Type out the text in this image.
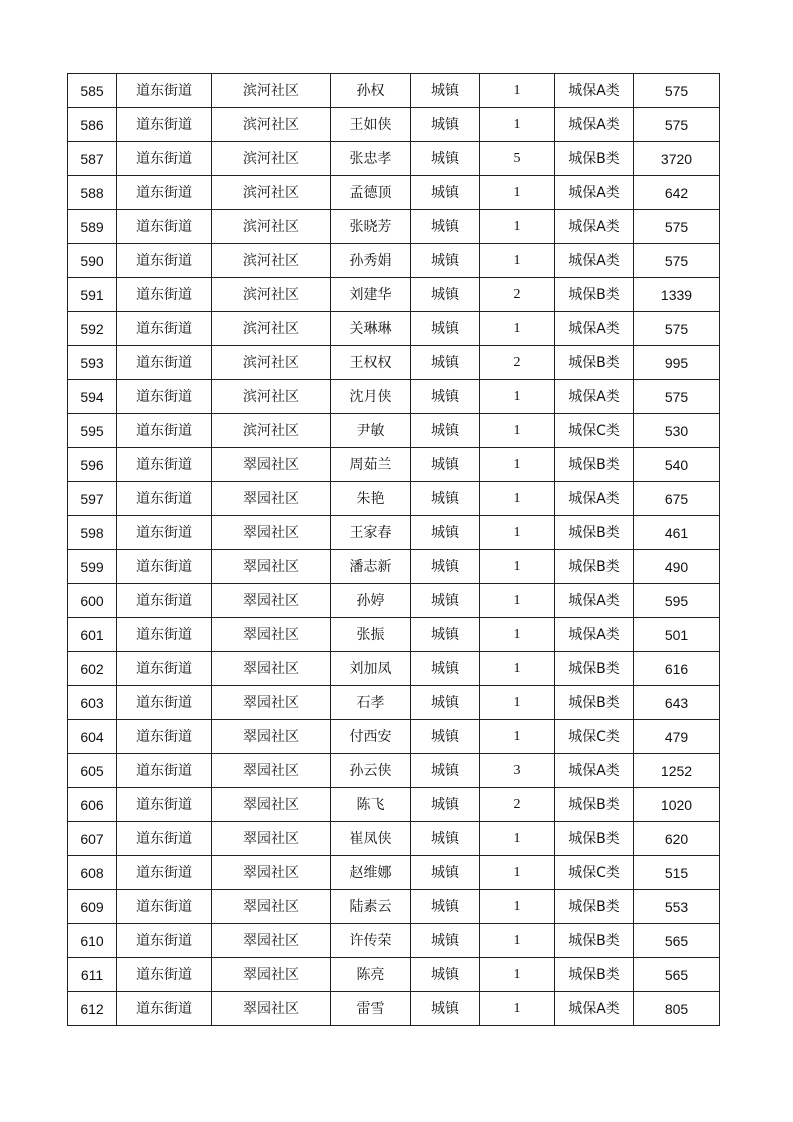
585	道东街道	滨河社区	孙权	城镇	1	城保A类	575
586	道东街道	滨河社区	王如侠	城镇	1	城保A类	575
587	道东街道	滨河社区	张忠孝	城镇	5	城保B类	3720
588	道东街道	滨河社区	孟德顶	城镇	1	城保A类	642
589	道东街道	滨河社区	张晓芳	城镇	1	城保A类	575
590	道东街道	滨河社区	孙秀娟	城镇	1	城保A类	575
591	道东街道	滨河社区	刘建华	城镇	2	城保B类	1339
592	道东街道	滨河社区	关琳琳	城镇	1	城保A类	575
593	道东街道	滨河社区	王权权	城镇	2	城保B类	995
594	道东街道	滨河社区	沈月侠	城镇	1	城保A类	575
595	道东街道	滨河社区	尹敏	城镇	1	城保C类	530
596	道东街道	翠园社区	周茹兰	城镇	1	城保B类	540
597	道东街道	翠园社区	朱艳	城镇	1	城保A类	675
598	道东街道	翠园社区	王家春	城镇	1	城保B类	461
599	道东街道	翠园社区	潘志新	城镇	1	城保B类	490
600	道东街道	翠园社区	孙婷	城镇	1	城保A类	595
601	道东街道	翠园社区	张振	城镇	1	城保A类	501
602	道东街道	翠园社区	刘加凤	城镇	1	城保B类	616
603	道东街道	翠园社区	石孝	城镇	1	城保B类	643
604	道东街道	翠园社区	付西安	城镇	1	城保C类	479
605	道东街道	翠园社区	孙云侠	城镇	3	城保A类	1252
606	道东街道	翠园社区	陈飞	城镇	2	城保B类	1020
607	道东街道	翠园社区	崔凤侠	城镇	1	城保B类	620
608	道东街道	翠园社区	赵维娜	城镇	1	城保C类	515
609	道东街道	翠园社区	陆素云	城镇	1	城保B类	553
610	道东街道	翠园社区	许传荣	城镇	1	城保B类	565
611	道东街道	翠园社区	陈亮	城镇	1	城保B类	565
612	道东街道	翠园社区	雷雪	城镇	1	城保A类	805
